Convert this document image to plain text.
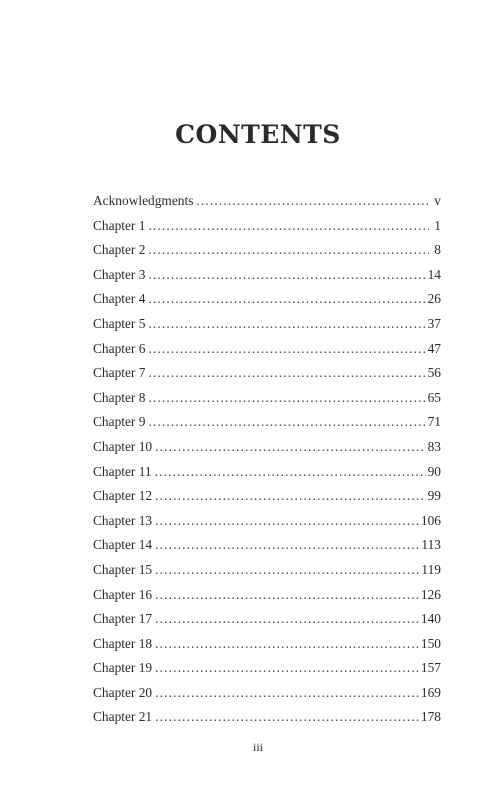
CONTENTS
Acknowledgments . . .	v
Chapter 1 . . .	1
Chapter 2 . . .	8
Chapter 3 . . .	14
Chapter 4 . . .	26
Chapter 5 . . .	37
Chapter 6 . . .	47
Chapter 7 . . .	56
Chapter 8 . . .	65
Chapter 9 . . .	71
Chapter 10 . . .	83
Chapter 11 . . .	90
Chapter 12 . . .	99
Chapter 13 . . .	106
Chapter 14 . . .	113
Chapter 15 . . .	119
Chapter 16 . . .	126
Chapter 17 . . .	140
Chapter 18 . . .	150
Chapter 19 . . .	157
Chapter 20 . . .	169
Chapter 21 . . .	178
iii
